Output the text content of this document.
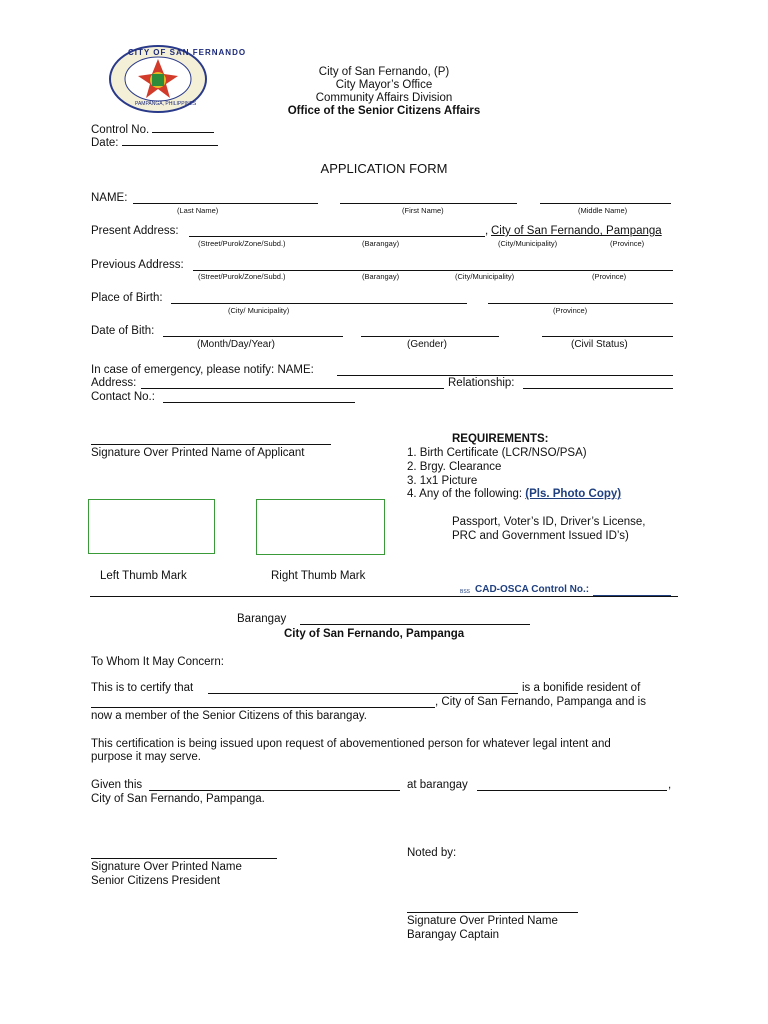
CITY OF SAN FERNANDO
PAMPANGA, PHILIPPINES
City of San Fernando, (P)
City Mayor’s Office
Community Affairs Division
Office of the Senior Citizens Affairs
Control No.
Date:
APPLICATION FORM
NAME:
(Last Name)	(First Name)	(Middle Name)
Present Address:	, City of San Fernando, Pampanga
(Street/Purok/Zone/Subd.)	(Barangay)	(City/Municipality)	(Province)
Previous Address:
(Street/Purok/Zone/Subd.)	(Barangay)	(City/Municipality)	(Province)
Place of Birth:
(City/ Municipality)	(Province)
Date of Bith:
(Month/Day/Year)	(Gender)	(Civil Status)
In case of emergency, please notify: NAME:
Address:	Relationship:
Contact No.:
Signature Over Printed Name of Applicant
REQUIREMENTS:
1. Birth Certificate (LCR/NSO/PSA)
2. Brgy. Clearance
3. 1x1 Picture
4. Any of the following: (Pls. Photo Copy)
Passport, Voter’s ID, Driver’s License,
PRC and Government Issued ID’s)
Left Thumb Mark	Right Thumb Mark
BSS CAD-OSCA Control No.:
Barangay
City of San Fernando, Pampanga
To Whom It May Concern:
This is to certify that	is a bonifide resident of
, City of San Fernando, Pampanga and is
now a member of the Senior Citizens of this barangay.
This certification is being issued upon request of abovementioned person for whatever legal intent and
purpose it may serve.
Given this	at barangay	,
City of San Fernando, Pampanga.
Signature Over Printed Name
Senior Citizens President
Noted by:
Signature Over Printed Name
Barangay Captain
